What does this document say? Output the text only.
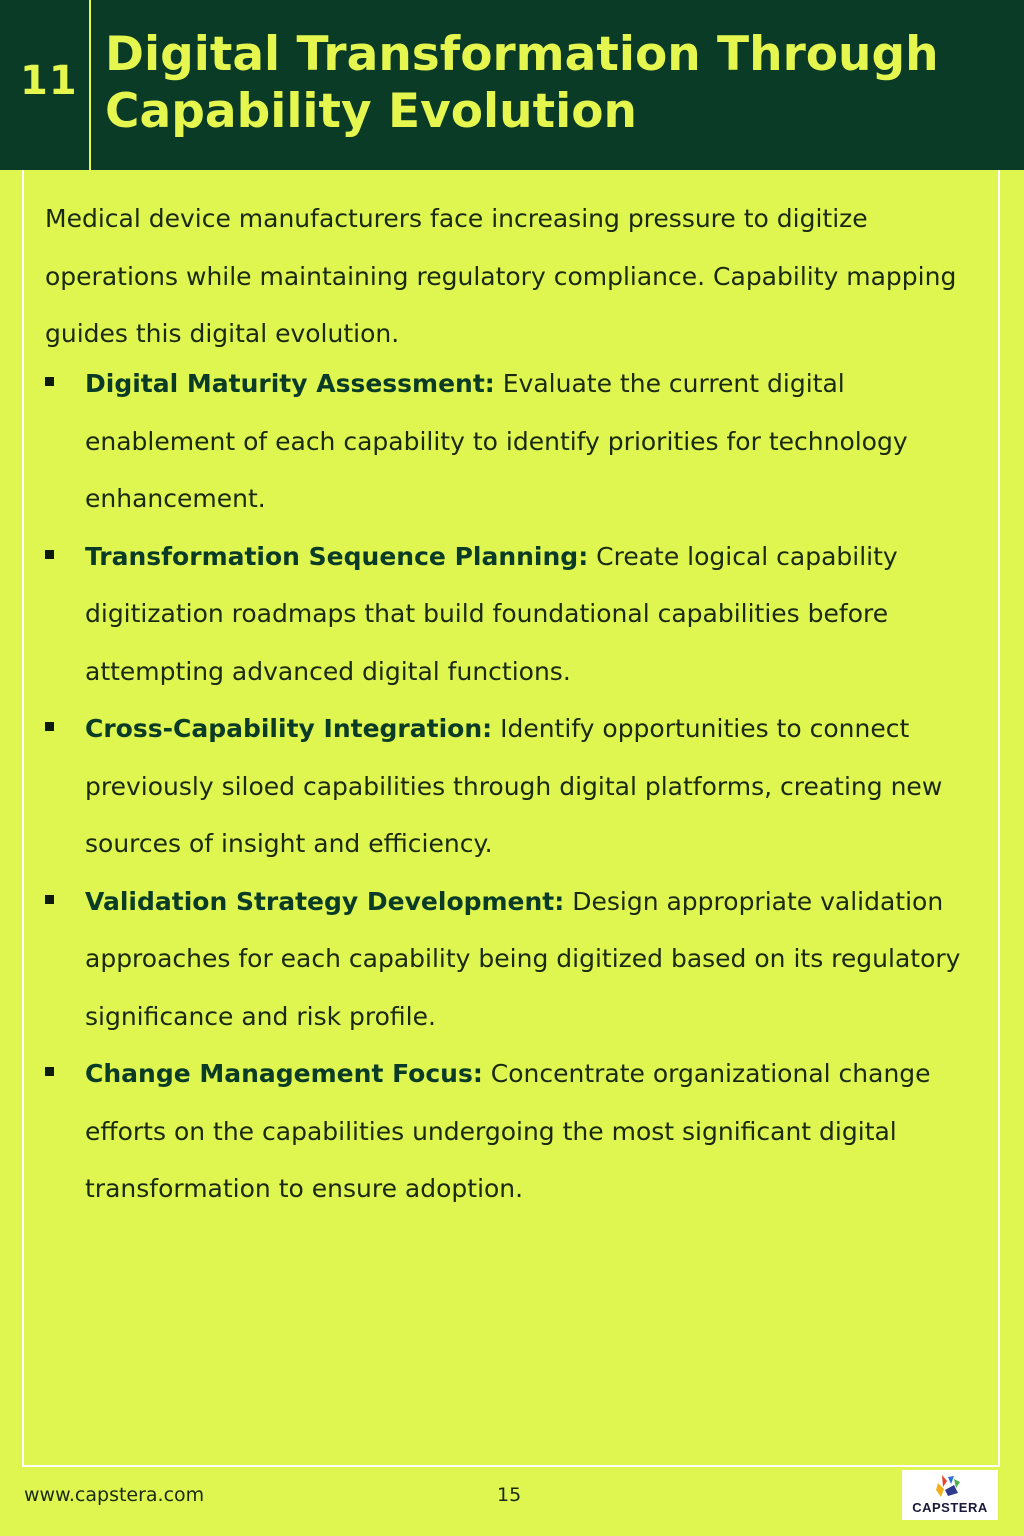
11 Digital Transformation Through
Capability Evolution

Medical device manufacturers face increasing pressure to digitize operations while maintaining regulatory compliance. Capability mapping guides this digital evolution.

Digital Maturity Assessment: Evaluate the current digital enablement of each capability to identify priorities for technology enhancement.
Transformation Sequence Planning: Create logical capability digitization roadmaps that build foundational capabilities before attempting advanced digital functions.
Cross-Capability Integration: Identify opportunities to connect previously siloed capabilities through digital platforms, creating new sources of insight and efficiency.
Validation Strategy Development: Design appropriate validation approaches for each capability being digitized based on its regulatory significance and risk profile.
Change Management Focus: Concentrate organizational change efforts on the capabilities undergoing the most significant digital transformation to ensure adoption.
www.capstera.com	15
CAPSTERA
